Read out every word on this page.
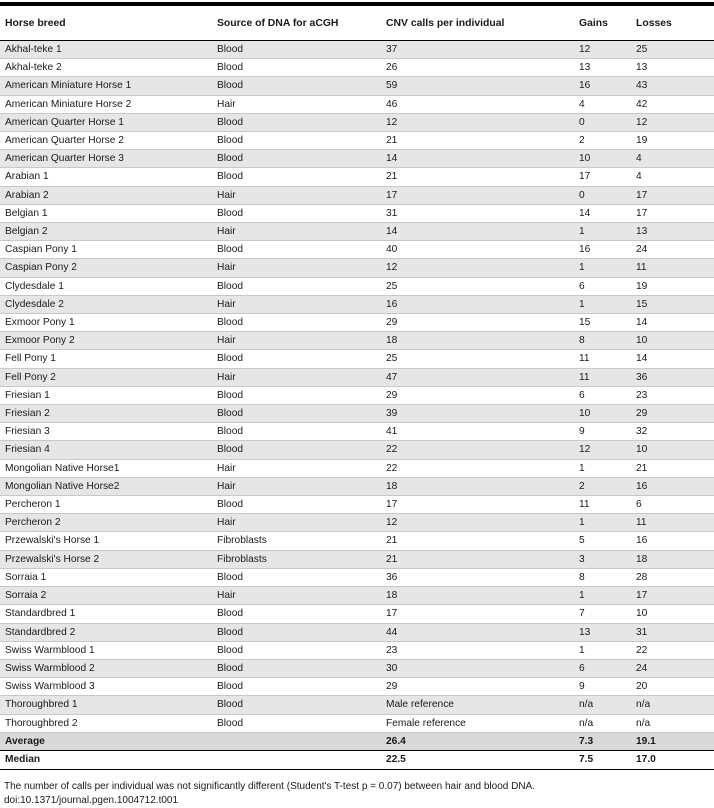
Horse breed	Source of DNA for aCGH	CNV calls per individual	Gains	Losses
Akhal-teke 1	Blood	37	12	25
Akhal-teke 2	Blood	26	13	13
American Miniature Horse 1	Blood	59	16	43
American Miniature Horse 2	Hair	46	4	42
American Quarter Horse 1	Blood	12	0	12
American Quarter Horse 2	Blood	21	2	19
American Quarter Horse 3	Blood	14	10	4
Arabian 1	Blood	21	17	4
Arabian 2	Hair	17	0	17
Belgian 1	Blood	31	14	17
Belgian 2	Hair	14	1	13
Caspian Pony 1	Blood	40	16	24
Caspian Pony 2	Hair	12	1	11
Clydesdale 1	Blood	25	6	19
Clydesdale 2	Hair	16	1	15
Exmoor Pony 1	Blood	29	15	14
Exmoor Pony 2	Hair	18	8	10
Fell Pony 1	Blood	25	11	14
Fell Pony 2	Hair	47	11	36
Friesian 1	Blood	29	6	23
Friesian 2	Blood	39	10	29
Friesian 3	Blood	41	9	32
Friesian 4	Blood	22	12	10
Mongolian Native Horse1	Hair	22	1	21
Mongolian Native Horse2	Hair	18	2	16
Percheron 1	Blood	17	11	6
Percheron 2	Hair	12	1	11
Przewalski's Horse 1	Fibroblasts	21	5	16
Przewalski's Horse 2	Fibroblasts	21	3	18
Sorraia 1	Blood	36	8	28
Sorraia 2	Hair	18	1	17
Standardbred 1	Blood	17	7	10
Standardbred 2	Blood	44	13	31
Swiss Warmblood 1	Blood	23	1	22
Swiss Warmblood 2	Blood	30	6	24
Swiss Warmblood 3	Blood	29	9	20
Thoroughbred 1	Blood	Male reference	n/a	n/a
Thoroughbred 2	Blood	Female reference	n/a	n/a
Average		26.4	7.3	19.1
Median		22.5	7.5	17.0
The number of calls per individual was not significantly different (Student's T-test p = 0.07) between hair and blood DNA.
doi:10.1371/journal.pgen.1004712.t001
